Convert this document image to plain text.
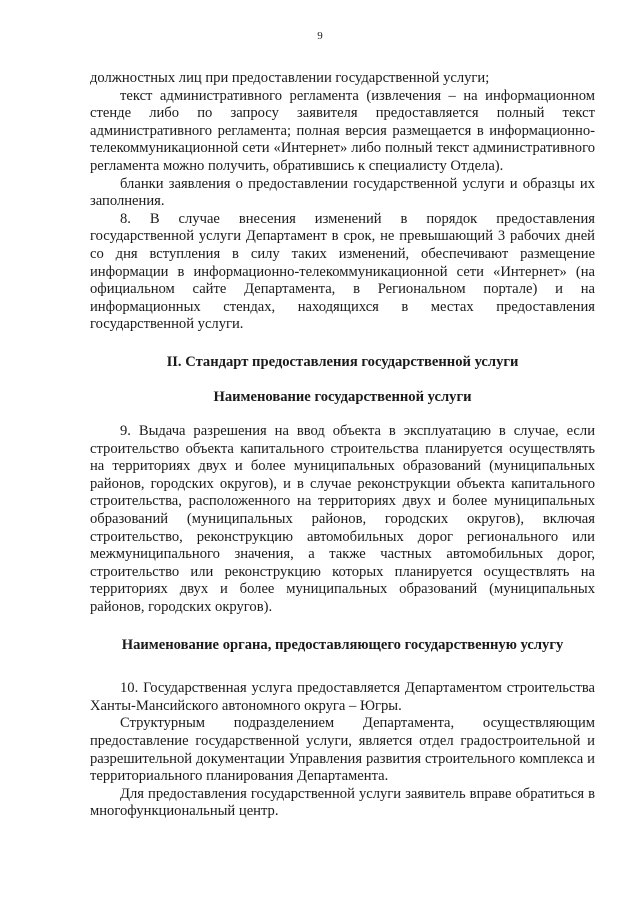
9

должностных лиц при предоставлении государственной услуги;

текст административного регламента (извлечения – на информационном стенде либо по запросу заявителя предоставляется полный текст административного регламента; полная версия размещается в информационно-телекоммуникационной сети «Интернет» либо полный текст административного регламента можно получить, обратившись к специалисту Отдела).

бланки заявления о предоставлении государственной услуги и образцы их заполнения.

8. В случае внесения изменений в порядок предоставления государственной услуги Департамент в срок, не превышающий 3 рабочих дней со дня вступления в силу таких изменений, обеспечивают размещение информации в информационно-телекоммуникационной сети «Интернет» (на официальном сайте Департамента, в Региональном портале) и на информационных стендах, находящихся в местах предоставления государственной услуги.

II. Стандарт предоставления государственной услуги
Наименование государственной услуги

9. Выдача разрешения на ввод объекта в эксплуатацию в случае, если строительство объекта капитального строительства планируется осуществлять на территориях двух и более муниципальных образований (муниципальных районов, городских округов), и в случае реконструкции объекта капитального строительства, расположенного на территориях двух и более муниципальных образований (муниципальных районов, городских округов), включая строительство, реконструкцию автомобильных дорог регионального или межмуниципального значения, а также частных автомобильных дорог, строительство или реконструкцию которых планируется осуществлять на территориях двух и более муниципальных образований (муниципальных районов, городских округов).

Наименование органа, предоставляющего государственную услугу

10. Государственная услуга предоставляется Департаментом строительства Ханты-Мансийского автономного округа – Югры.

Структурным подразделением Департамента, осуществляющим предоставление государственной услуги, является отдел градостроительной и разрешительной документации Управления развития строительного комплекса и территориального планирования Департамента.

Для предоставления государственной услуги заявитель вправе обратиться в многофункциональный центр.
